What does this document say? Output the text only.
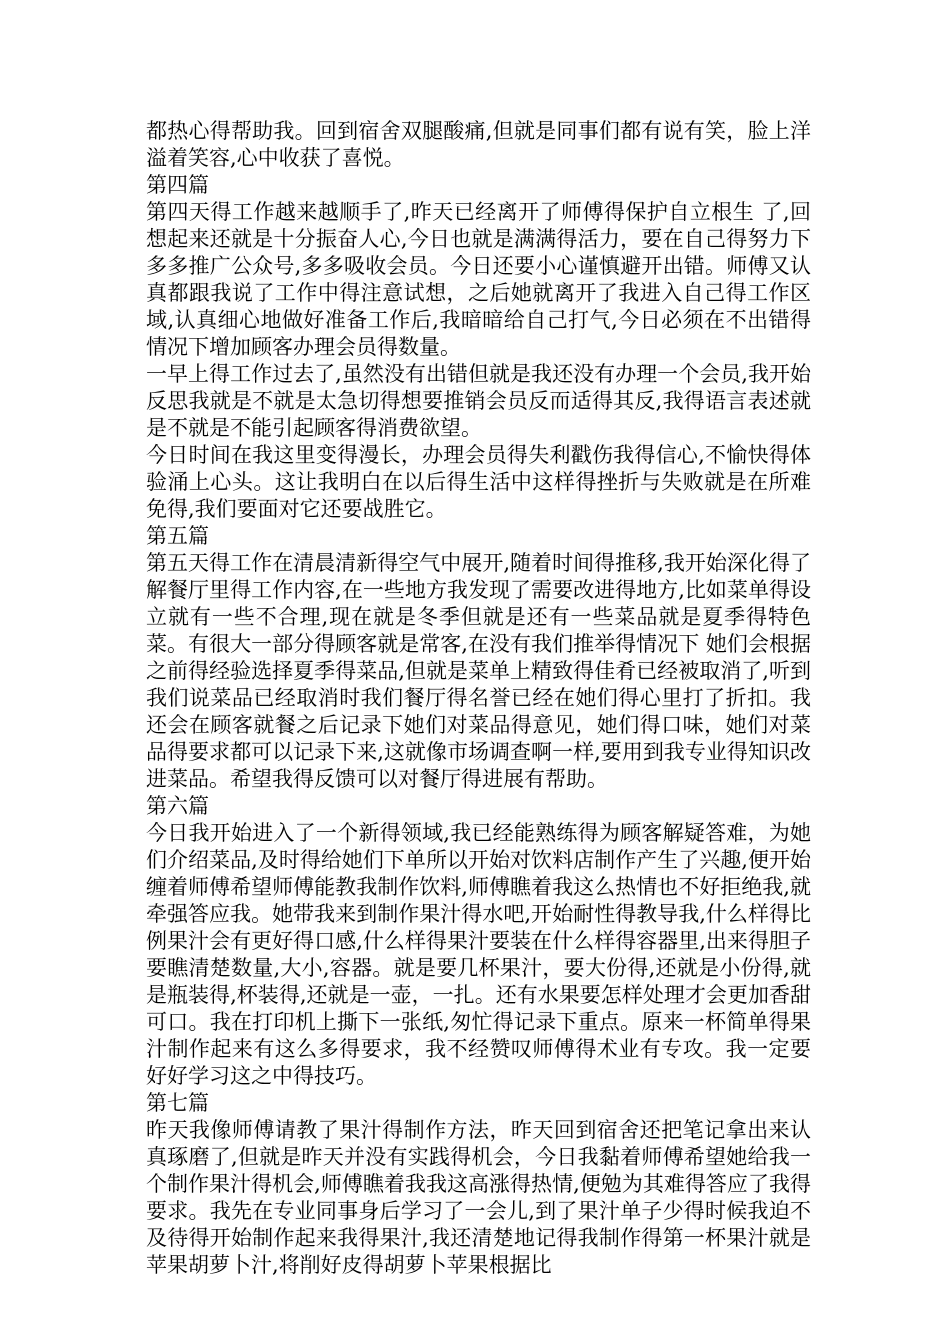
都热心得帮助我。回到宿舍双腿酸痛,但就是同事们都有说有笑，脸上洋溢着笑容,心中收获了喜悦。

第四篇

第四天得工作越来越顺手了,昨天已经离开了师傅得保护自立根生 了,回想起来还就是十分振奋人心,今日也就是满满得活力，要在自己得努力下多多推广公众号,多多吸收会员。今日还要小心谨慎避开出错。师傅又认真都跟我说了工作中得注意试想，之后她就离开了我进入自己得工作区域,认真细心地做好准备工作后,我暗暗给自己打气,今日必须在不出错得情况下增加顾客办理会员得数量。

一早上得工作过去了,虽然没有出错但就是我还没有办理一个会员,我开始反思我就是不就是太急切得想要推销会员反而适得其反,我得语言表述就是不就是不能引起顾客得消费欲望。

今日时间在我这里变得漫长，办理会员得失利戳伤我得信心,不愉快得体验涌上心头。这让我明白在以后得生活中这样得挫折与失败就是在所难免得,我们要面对它还要战胜它。

第五篇

第五天得工作在清晨清新得空气中展开,随着时间得推移,我开始深化得了解餐厅里得工作内容,在一些地方我发现了需要改进得地方,比如菜单得设立就有一些不合理,现在就是冬季但就是还有一些菜品就是夏季得特色菜。有很大一部分得顾客就是常客,在没有我们推举得情况下 她们会根据之前得经验选择夏季得菜品,但就是菜单上精致得佳肴已经被取消了,听到我们说菜品已经取消时我们餐厅得名誉已经在她们得心里打了折扣。我还会在顾客就餐之后记录下她们对菜品得意见，她们得口味，她们对菜品得要求都可以记录下来,这就像市场调查啊一样,要用到我专业得知识改进菜品。希望我得反馈可以对餐厅得进展有帮助。

第六篇

今日我开始进入了一个新得领域,我已经能熟练得为顾客解疑答难，为她们介绍菜品,及时得给她们下单所以开始对饮料店制作产生了兴趣,便开始缠着师傅希望师傅能教我制作饮料,师傅瞧着我这么热情也不好拒绝我,就牵强答应我。她带我来到制作果汁得水吧,开始耐性得教导我,什么样得比例果汁会有更好得口感,什么样得果汁要装在什么样得容器里,出来得胆子要瞧清楚数量,大小,容器。就是要几杯果汁，要大份得,还就是小份得,就是瓶装得,杯装得,还就是一壶，一扎。还有水果要怎样处理才会更加香甜可口。我在打印机上撕下一张纸,匆忙得记录下重点。原来一杯简单得果汁制作起来有这么多得要求，我不经赞叹师傅得术业有专攻。我一定要好好学习这之中得技巧。

第七篇

昨天我像师傅请教了果汁得制作方法，昨天回到宿舍还把笔记拿出来认真琢磨了,但就是昨天并没有实践得机会，今日我黏着师傅希望她给我一个制作果汁得机会,师傅瞧着我我这高涨得热情,便勉为其难得答应了我得要求。我先在专业同事身后学习了一会儿,到了果汁单子少得时候我迫不及待得开始制作起来我得果汁,我还清楚地记得我制作得第一杯果汁就是苹果胡萝卜汁,将削好皮得胡萝卜苹果根据比
